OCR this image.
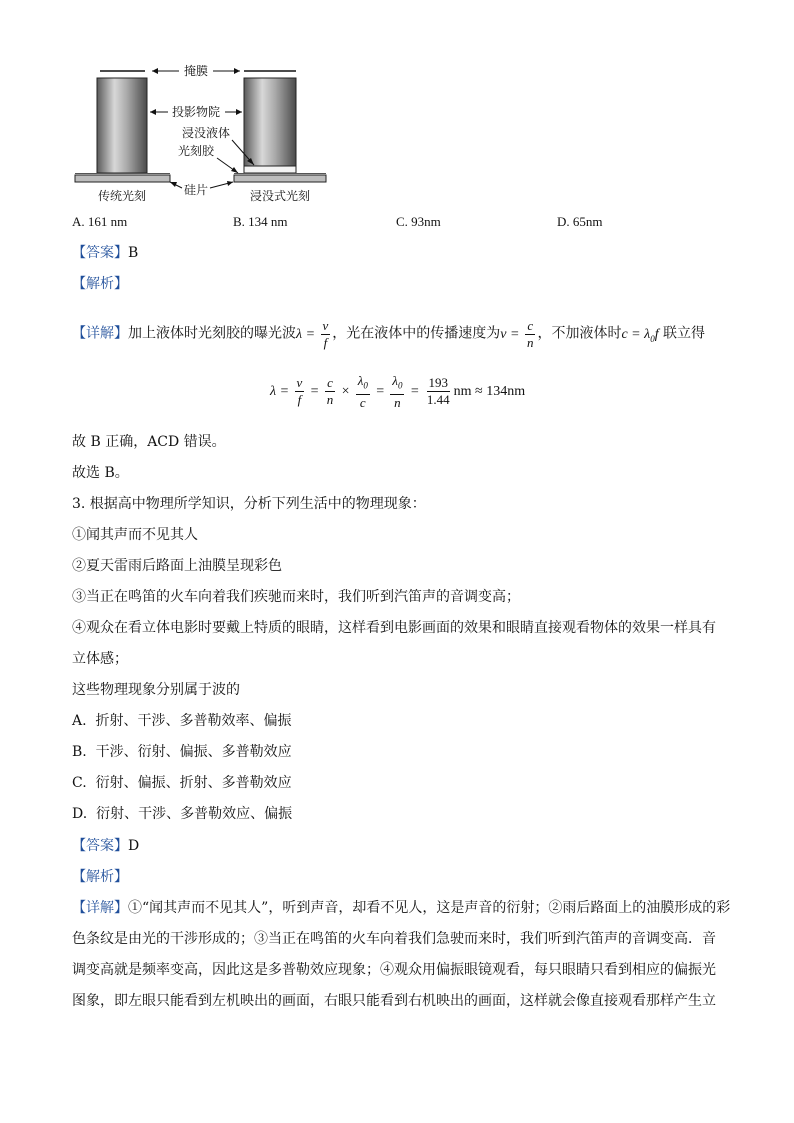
掩膜
投影物院
浸没液体
光刻胶
硅片
传统光刻	浸没式光刻
A. 161 nm	B. 134 nm	C. 93nm	D. 65nm
【答案】B
【解析】
【详解】加上液体时光刻胶的曝光波$\lambda = \frac{v}{f}$ ，光在液体中的传播速度为$v = \frac{c}{n}$ ，不加液体时$c = \lambda_0f$ 联立得
$\lambda = \frac{v}{f} = \frac{c}{n} \times \frac{\lambda_0}{c} = \frac{\lambda_0}{n} = \frac{193}{1.44}$ nm ≈ 134nm
故 B 正确，ACD 错误。
故选 B。
3. 根据高中物理所学知识，分析下列生活中的物理现象：
①闻其声而不见其人
②夏天雷雨后路面上油膜呈现彩色
③当正在鸣笛的火车向着我们疾驰而来时，我们听到汽笛声的音调变高；
④观众在看立体电影时要戴上特质的眼睛，这样看到电影画面的效果和眼睛直接观看物体的效果一样具有
立体感；
这些物理现象分别属于波的
A. 折射、干涉、多普勒效率、偏振
B. 干涉、衍射、偏振、多普勒效应
C. 衍射、偏振、折射、多普勒效应
D. 衍射、干涉、多普勒效应、偏振
【答案】D
【解析】
【详解】①“闻其声而不见其人”，听到声音，却看不见人，这是声音的衍射；②雨后路面上的油膜形成的彩
色条纹是由光的干涉形成的；③当正在鸣笛的火车向着我们急驶而来时，我们听到汽笛声的音调变高．音
调变高就是频率变高，因此这是多普勒效应现象；④观众用偏振眼镜观看，每只眼睛只看到相应的偏振光
图象，即左眼只能看到左机映出的画面，右眼只能看到右机映出的画面，这样就会像直接观看那样产生立
